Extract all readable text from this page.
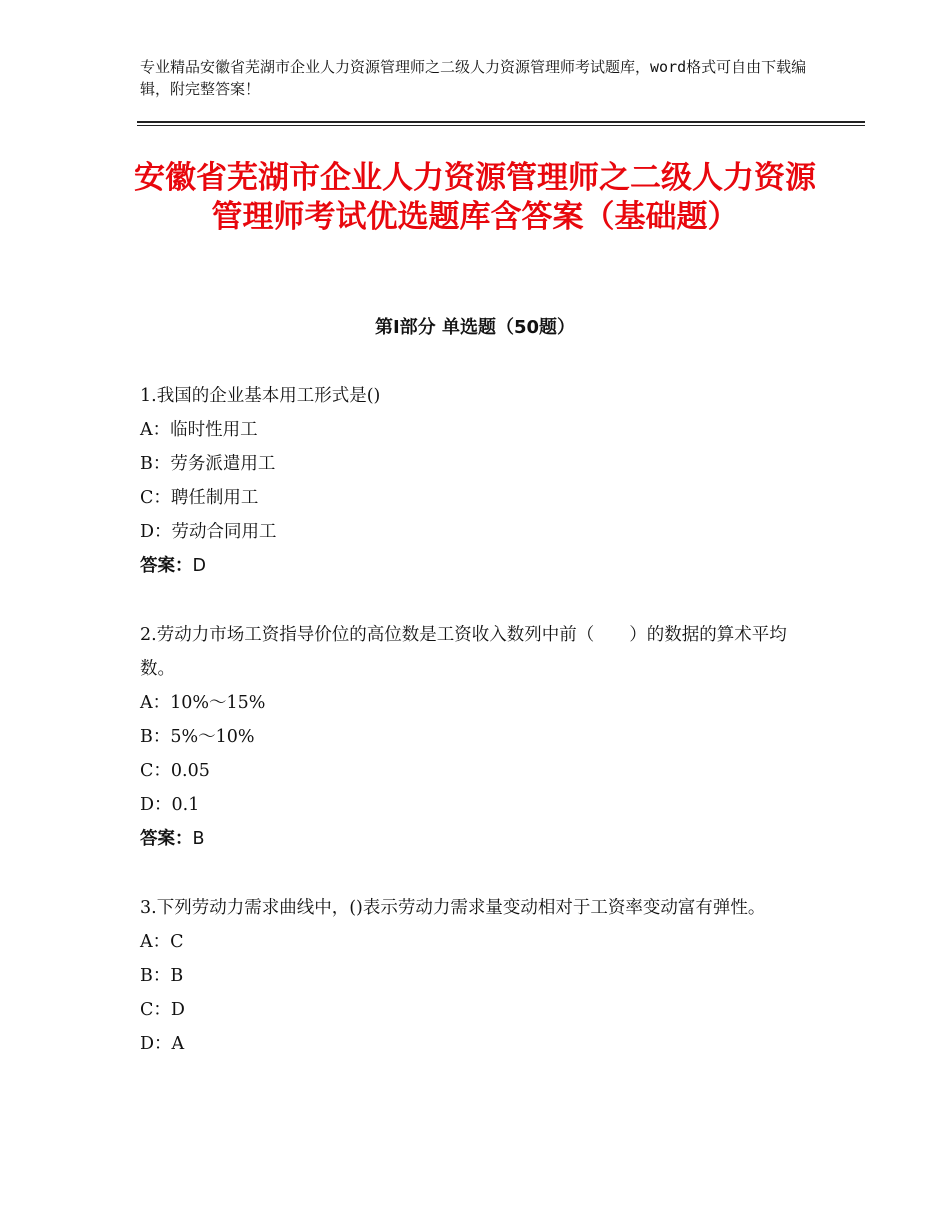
专业精品安徽省芜湖市企业人力资源管理师之二级人力资源管理师考试题库，word格式可自由下载编辑，附完整答案！
安徽省芜湖市企业人力资源管理师之二级人力资源管理师考试优选题库含答案（基础题）
第Ⅰ部分 单选题（50题）
1.我国的企业基本用工形式是()
A：临时性用工
B：劳务派遣用工
C：聘任制用工
D：劳动合同用工
答案：D
2.劳动力市场工资指导价位的高位数是工资收入数列中前（　　）的数据的算术平均数。
A：10%～15%
B：5%～10%
C：0.05
D：0.1
答案：B
3.下列劳动力需求曲线中，()表示劳动力需求量变动相对于工资率变动富有弹性。
A：C
B：B
C：D
D：A
